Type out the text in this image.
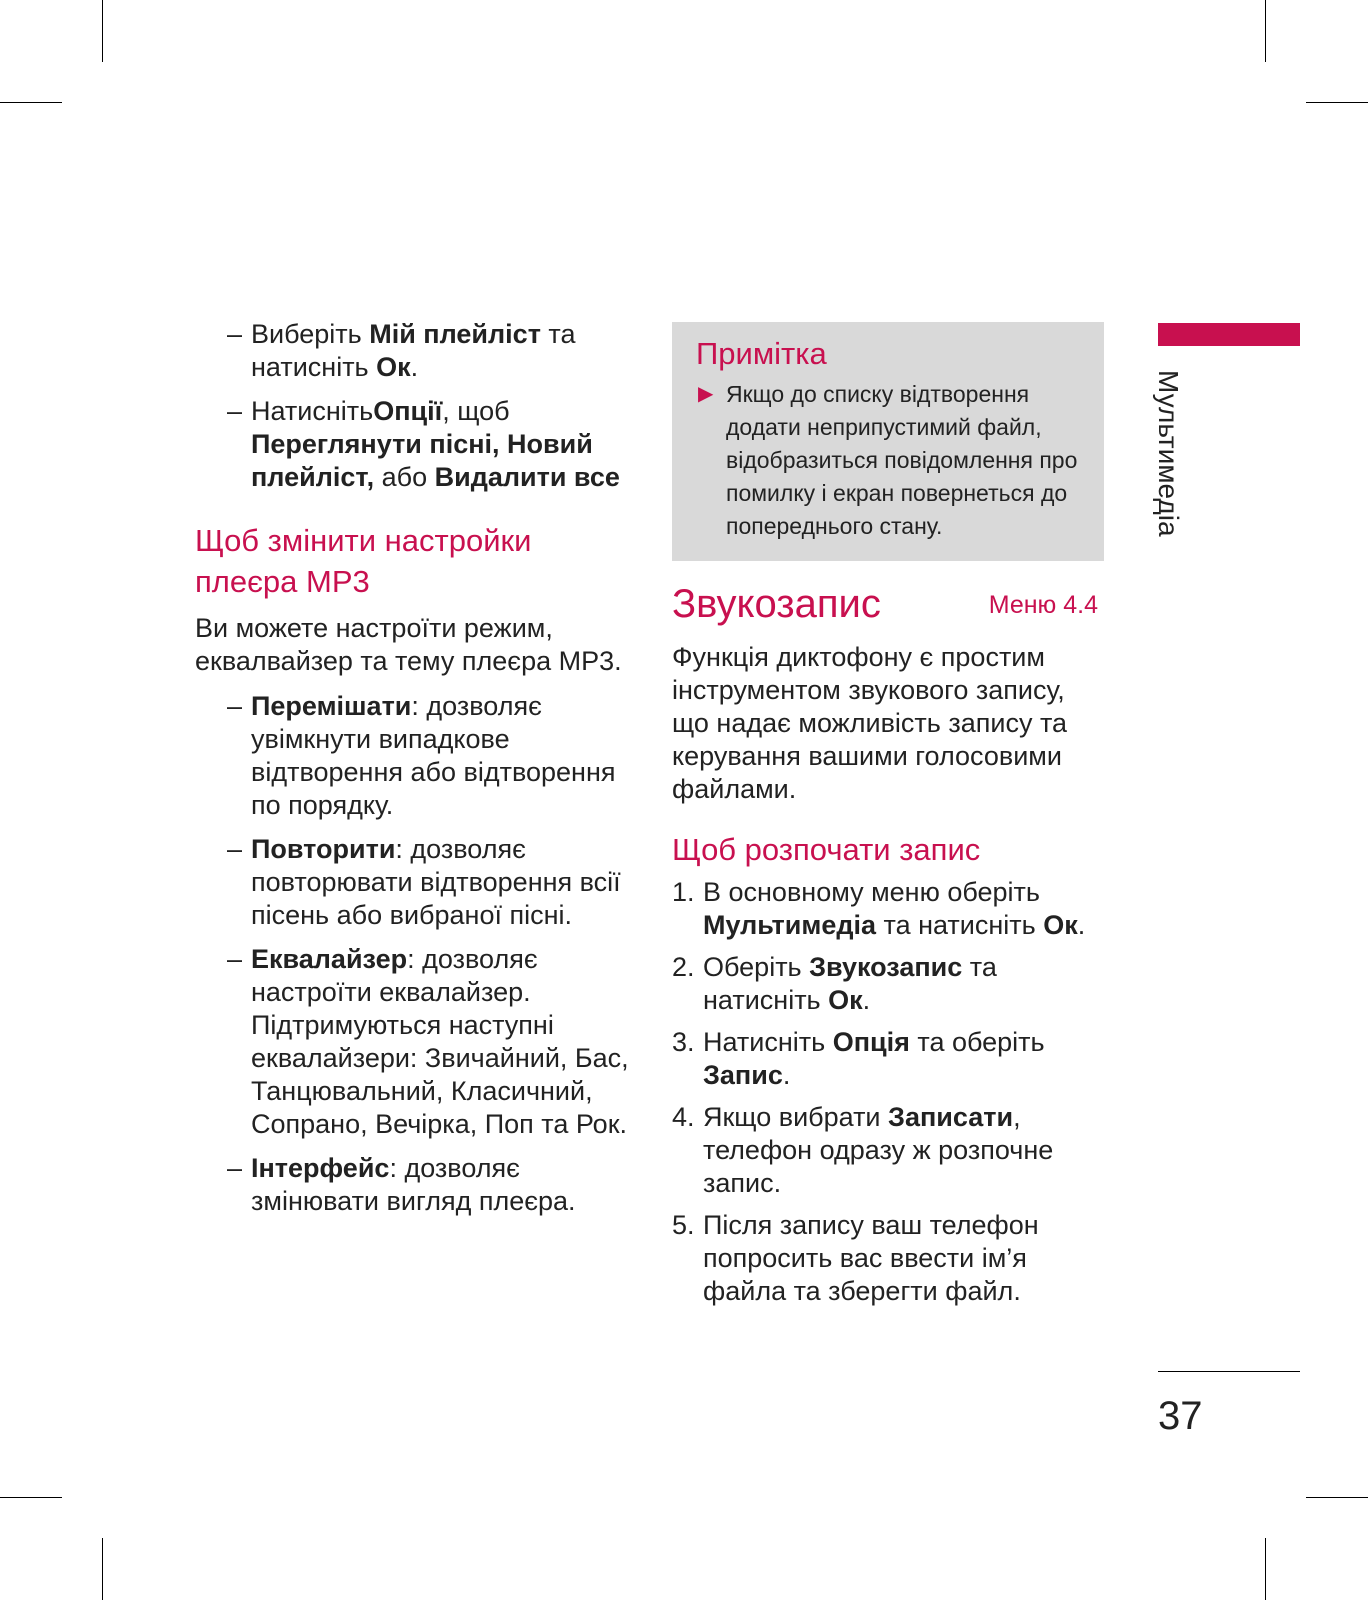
– Виберіть Мій плейліст та натисніть Ок.
– НатиснітьОпції, щоб Переглянути пісні, Новий плейліст, або Видалити все
Щоб змінити настройки плеєра MP3
Ви можете настроїти режим, еквалвайзер та тему плеєра MP3.
– Перемішати: дозволяє увімкнути випадкове відтворення або відтворення по порядку.
– Повторити: дозволяє повторювати відтворення всії пісень або вибраної пісні.
– Еквалайзер: дозволяє настроїти еквалайзер. Підтримуються наступні еквалайзери: Звичайний, Бас, Танцювальний, Класичний, Сопрано, Вечірка, Поп та Рок.
– Інтерфейс: дозволяє змінювати вигляд плеєра.
Примітка
▶ Якщо до списку відтворення додати неприпустимий файл, відобразиться повідомлення про помилку і екран повернеться до попереднього стану.
Звукозапис	Меню 4.4
Функція диктофону є простим інструментом звукового запису, що надає можливість запису та керування вашими голосовими файлами.
Щоб розпочати запис
1. В основному меню оберіть Мультимедіа та натисніть Ок.
2. Оберіть Звукозапис та натисніть Ок.
3. Натисніть Опція та оберіть Запис.
4. Якщо вибрати Записати, телефон одразу ж розпочне запис.
5. Після запису ваш телефон попросить вас ввести ім’я файла та зберегти файл.
Мультимедіа
37
